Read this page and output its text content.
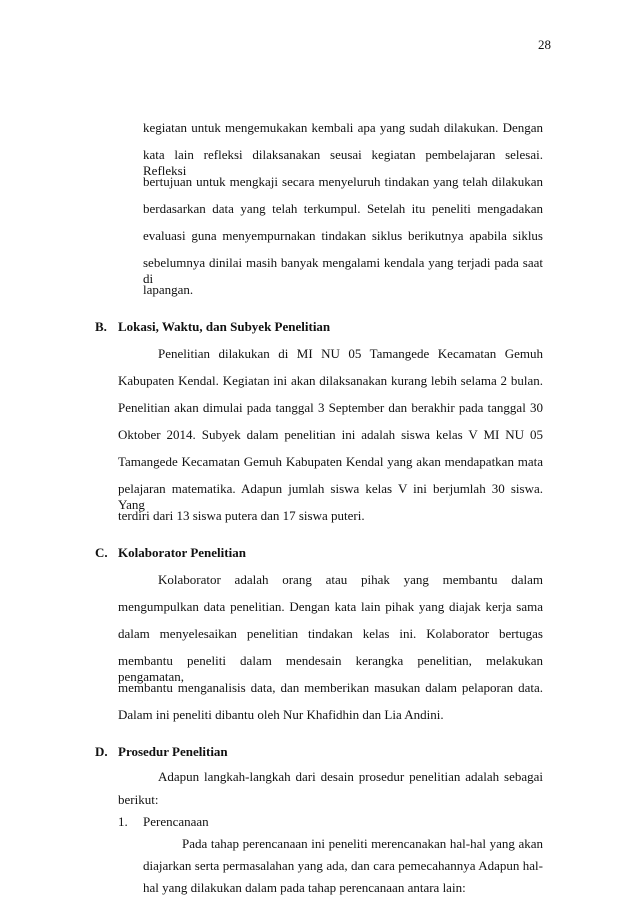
28
kegiatan untuk mengemukakan kembali apa yang sudah dilakukan. Dengan
kata lain refleksi dilaksanakan seusai kegiatan pembelajaran selesai. Refleksi
bertujuan untuk mengkaji secara menyeluruh tindakan yang telah dilakukan
berdasarkan data yang telah terkumpul. Setelah itu peneliti mengadakan
evaluasi guna menyempurnakan tindakan siklus berikutnya apabila siklus
sebelumnya dinilai masih banyak mengalami kendala yang terjadi pada saat di
lapangan.
B. Lokasi, Waktu, dan Subyek Penelitian
Penelitian dilakukan di MI NU 05 Tamangede Kecamatan Gemuh
Kabupaten Kendal. Kegiatan ini akan dilaksanakan kurang lebih selama 2 bulan.
Penelitian akan dimulai pada tanggal 3 September dan berakhir pada tanggal 30
Oktober 2014. Subyek dalam penelitian ini adalah siswa kelas V MI NU 05
Tamangede Kecamatan Gemuh Kabupaten Kendal yang akan mendapatkan mata
pelajaran matematika. Adapun jumlah siswa kelas V ini berjumlah 30 siswa. Yang
terdiri dari 13 siswa putera dan 17 siswa puteri.
C. Kolaborator Penelitian
Kolaborator adalah orang atau pihak yang membantu dalam
mengumpulkan data penelitian. Dengan kata lain pihak yang diajak kerja sama
dalam menyelesaikan penelitian tindakan kelas ini. Kolaborator bertugas
membantu peneliti dalam mendesain kerangka penelitian, melakukan pengamatan,
membantu menganalisis data, dan memberikan masukan dalam pelaporan data.
Dalam ini peneliti dibantu oleh Nur Khafidhin dan Lia Andini.
D. Prosedur Penelitian
Adapun langkah-langkah dari desain prosedur penelitian adalah sebagai
berikut:
1. Perencanaan
Pada tahap perencanaan ini peneliti merencanakan hal-hal yang akan
diajarkan serta permasalahan yang ada, dan cara pemecahannya Adapun hal-
hal yang dilakukan dalam pada tahap perencanaan antara lain:
